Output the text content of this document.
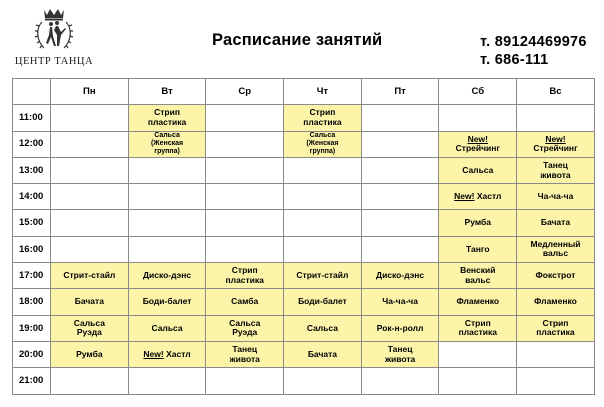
ЦЕНТР ТАНЦА
Расписание занятий	т. 89124469976
т. 686-111
	Пн	Вт	Ср	Чт	Пт	Сб	Вс
11:00		Стрип
пластика		Стрип
пластика			
12:00		Сальса
(Женская
группа)		Сальса
(Женская
группа)		New!
Стрейчинг	New!
Стрейчинг
13:00						Сальса	Танец
живота
14:00						New! Хастл	Ча-ча-ча
15:00						Румба	Бачата
16:00						Танго	Медленный
вальс
17:00	Стрит-стайл	Диско-дэнс	Стрип
пластика	Стрит-стайл	Диско-дэнс	Венский
вальс	Фокстрот
18:00	Бачата	Боди-балет	Самба	Боди-балет	Ча-ча-ча	Фламенко	Фламенко
19:00	Сальса
Руэда	Сальса	Сальса
Руэда	Сальса	Рок-н-ролл	Стрип
пластика	Стрип
пластика
20:00	Румба	New! Хастл	Танец
живота	Бачата	Танец
живота		
21:00							
